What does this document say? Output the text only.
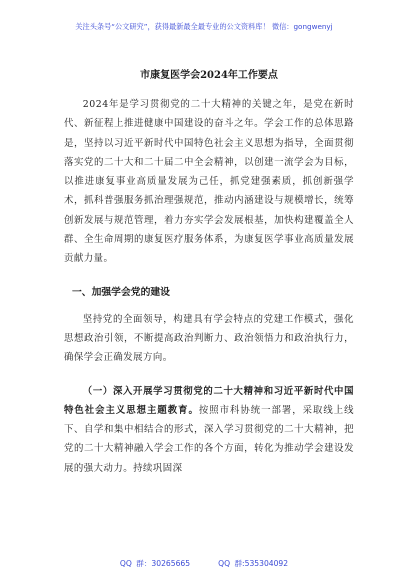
关注头条号“公文研究”，获得最新最全最专业的公文资料库！ 微信：gongwenyj
市康复医学会2024年工作要点

2024年是学习贯彻党的二十大精神的关键之年，是党在新时代、新征程上推进健康中国建设的奋斗之年。学会工作的总体思路是，坚持以习近平新时代中国特色社会主义思想为指导，全面贯彻落实党的二十大和二十届二中全会精神，以创建一流学会为目标，以推进康复事业高质量发展为己任，抓党建强素质，抓创新强学术，抓科普强服务抓治理强规范，推动内涵建设与规模增长，统筹创新发展与规范管理，着力夯实学会发展根基，加快构建覆盖全人群、全生命周期的康复医疗服务体系，为康复医学事业高质量发展贡献力量。

一、加强学会党的建设

坚持党的全面领导，构建具有学会特点的党建工作模式，强化思想政治引领，不断提高政治判断力、政治领悟力和政治执行力，确保学会正确发展方向。

（一）深入开展学习贯彻党的二十大精神和习近平新时代中国特色社会主义思想主题教育。按照市科协统一部署，采取线上线下、自学和集中相结合的形式，深入学习贯彻党的二十大精神，把党的二十大精神融入学会工作的各个方面，转化为推动学会建设发展的强大动力。持续巩固深

QQ 群：30265665	QQ 群:535304092
